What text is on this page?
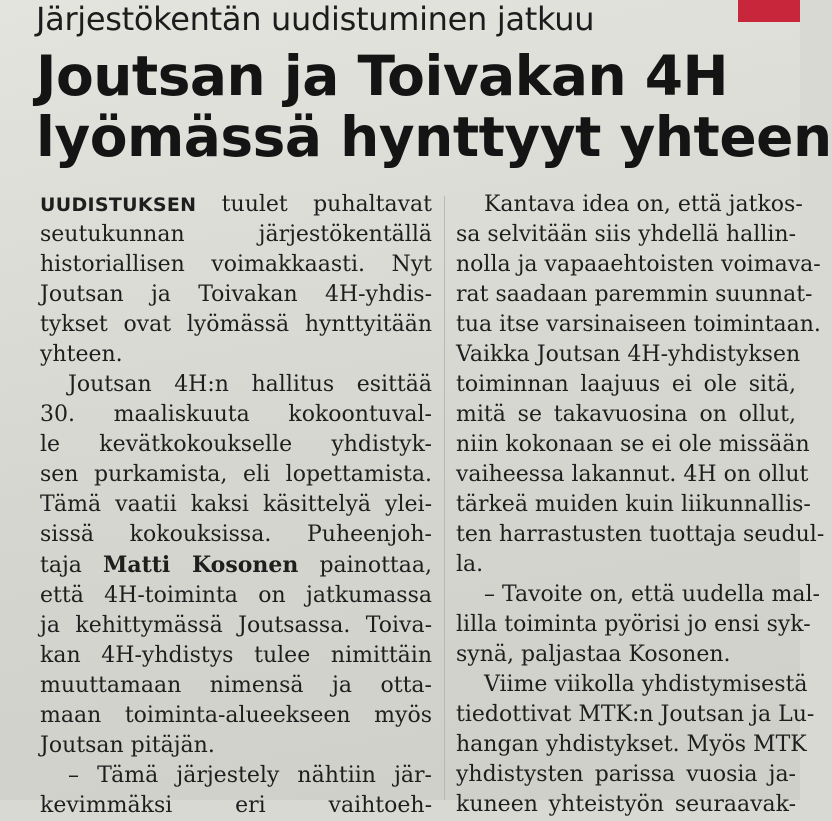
Järjestökentän uudistuminen jatkuu
Joutsan ja Toivakan 4H
lyömässä hynttyyt yhteen
UUDISTUKSEN tuulet puhaltavat
seutukunnan järjestökentällä
historiallisen voimakkaasti. Nyt
Joutsan ja Toivakan 4H-yhdis-
tykset ovat lyömässä hynttyitään
yhteen.
Joutsan 4H:n hallitus esittää
30. maaliskuuta kokoontuval-
le kevätkokoukselle yhdistyk-
sen purkamista, eli lopettamista.
Tämä vaatii kaksi käsittelyä ylei-
sissä kokouksissa. Puheenjoh-
taja Matti Kosonen painottaa,
että 4H-toiminta on jatkumassa
ja kehittymässä Joutsassa. Toiva-
kan 4H-yhdistys tulee nimittäin
muuttamaan nimensä ja otta-
maan toiminta-alueekseen myös
Joutsan pitäjän.
– Tämä järjestely nähtiin jär-
kevimmäksi eri vaihtoeh-
Kantava idea on, että jatkos-
sa selvitään siis yhdellä hallin-
nolla ja vapaaehtoisten voimava-
rat saadaan paremmin suunnat-
tua itse varsinaiseen toimintaan.
Vaikka Joutsan 4H-yhdistyksen
toiminnan laajuus ei ole sitä,
mitä se takavuosina on ollut,
niin kokonaan se ei ole missään
vaiheessa lakannut. 4H on ollut
tärkeä muiden kuin liikunnallis-
ten harrastusten tuottaja seudul-
la.
– Tavoite on, että uudella mal-
lilla toiminta pyörisi jo ensi syk-
synä, paljastaa Kosonen.
Viime viikolla yhdistymisestä
tiedottivat MTK:n Joutsan ja Lu-
hangan yhdistykset. Myös MTK
yhdistysten parissa vuosia ja-
kuneen yhteistyön seuraavak-
